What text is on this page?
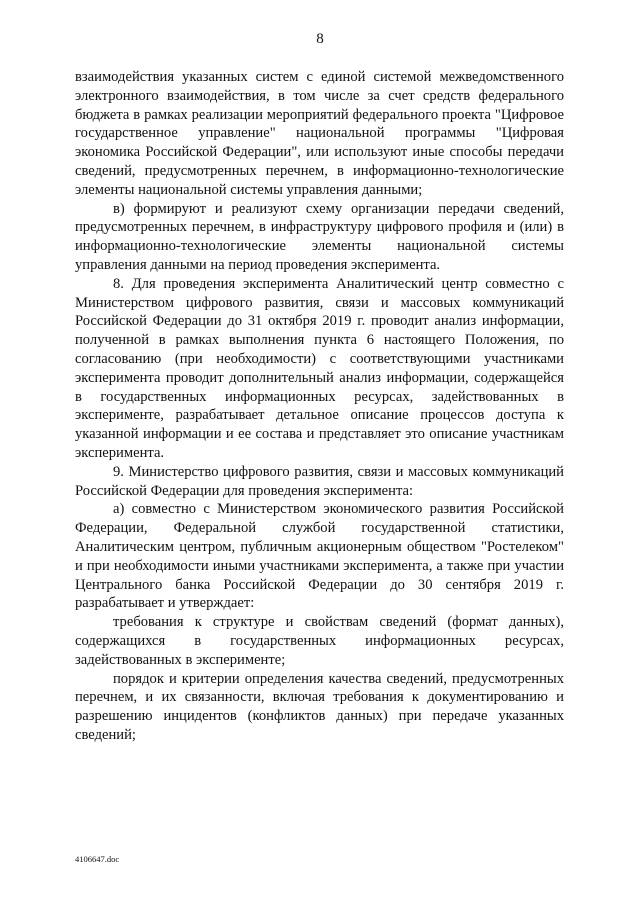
8

взаимодействия указанных систем с единой системой межведомственного электронного взаимодействия, в том числе за счет средств федерального бюджета в рамках реализации мероприятий федерального проекта "Цифровое государственное управление" национальной программы "Цифровая экономика Российской Федерации", или используют иные способы передачи сведений, предусмотренных перечнем, в информационно-технологические элементы национальной системы управления данными;

в) формируют и реализуют схему организации передачи сведений, предусмотренных перечнем, в инфраструктуру цифрового профиля и (или) в информационно-технологические элементы национальной системы управления данными на период проведения эксперимента.

8. Для проведения эксперимента Аналитический центр совместно с Министерством цифрового развития, связи и массовых коммуникаций Российской Федерации до 31 октября 2019 г. проводит анализ информации, полученной в рамках выполнения пункта 6 настоящего Положения, по согласованию (при необходимости) с соответствующими участниками эксперимента проводит дополнительный анализ информации, содержащейся в государственных информационных ресурсах, задействованных в эксперименте, разрабатывает детальное описание процессов доступа к указанной информации и ее состава и представляет это описание участникам эксперимента.

9. Министерство цифрового развития, связи и массовых коммуникаций Российской Федерации для проведения эксперимента:

а) совместно с Министерством экономического развития Российской Федерации, Федеральной службой государственной статистики, Аналитическим центром, публичным акционерным обществом "Ростелеком" и при необходимости иными участниками эксперимента, а также при участии Центрального банка Российской Федерации до 30 сентября 2019 г. разрабатывает и утверждает:

требования к структуре и свойствам сведений (формат данных), содержащихся в государственных информационных ресурсах, задействованных в эксперименте;

порядок и критерии определения качества сведений, предусмотренных перечнем, и их связанности, включая требования к документированию и разрешению инцидентов (конфликтов данных) при передаче указанных сведений;

4106647.doc
